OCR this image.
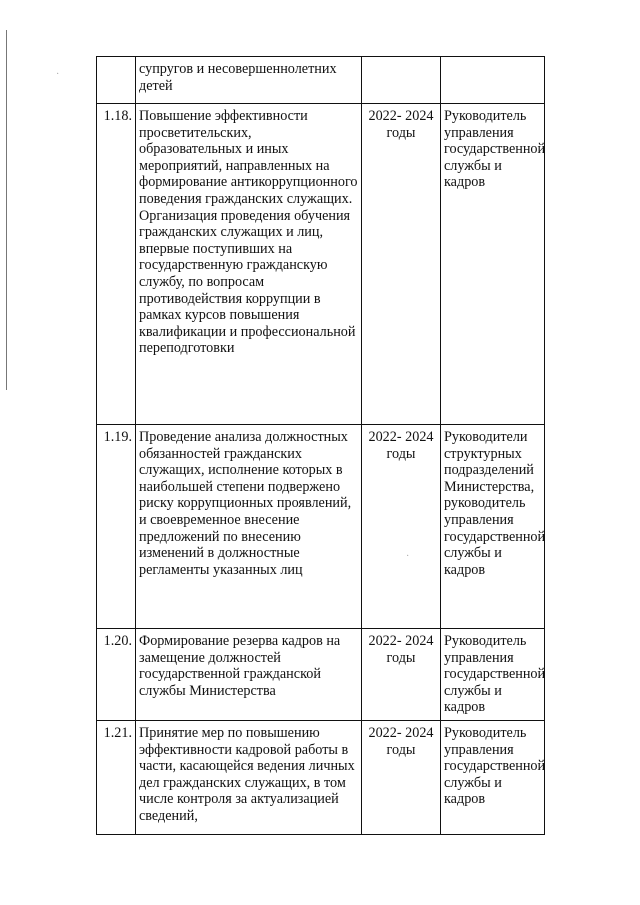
·
·
	супругов и несовершеннолетних детей		
1.18.	Повышение эффективности просветительских, образовательных и иных мероприятий, направленных на формирование антикоррупционного поведения гражданских служащих. Организация проведения обучения гражданских служащих и лиц, впервые поступивших на государственную гражданскую службу, по вопросам противодействия коррупции в рамках курсов повышения квалификации и профессиональной переподготовки	2022- 2024 годы	Руководитель управления государственной службы и кадров
1.19.	Проведение анализа должностных обязанностей гражданских служащих, исполнение которых в наибольшей степени подвержено риску коррупционных проявлений, и своевременное внесение предложений по внесению изменений в должностные регламенты указанных лиц	2022- 2024 годы	Руководители структурных подразделений Министерства, руководитель управления государственной службы и кадров
1.20.	Формирование резерва кадров на замещение должностей государственной гражданской службы Министерства	2022- 2024 годы	Руководитель управления государственной службы и кадров
1.21.	Принятие мер по повышению эффективности кадровой работы в части, касающейся ведения личных дел гражданских служащих, в том числе контроля за актуализацией сведений,	2022- 2024 годы	Руководитель управления государственной службы и кадров
